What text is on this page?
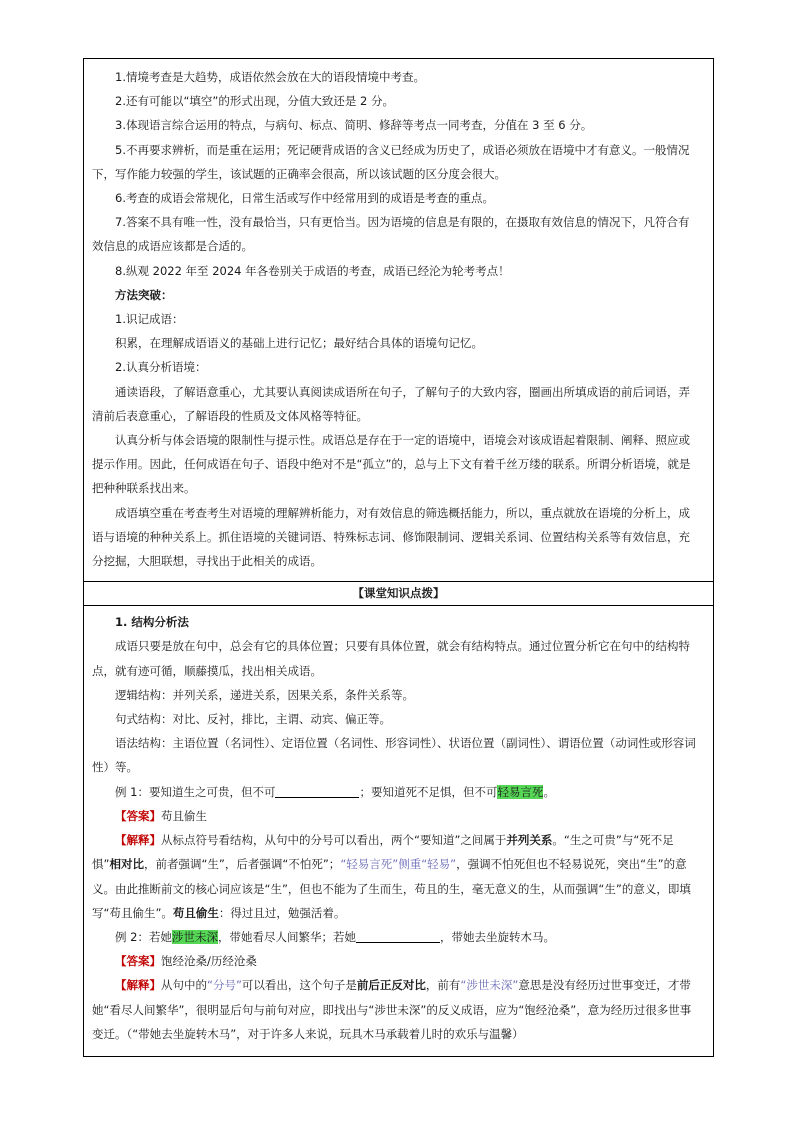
1.情境考查是大趋势，成语依然会放在大的语段情境中考查。

2.还有可能以“填空”的形式出现，分值大致还是 2 分。

3.体现语言综合运用的特点，与病句、标点、简明、修辞等考点一同考查，分值在 3 至 6 分。

5.不再要求辨析，而是重在运用；死记硬背成语的含义已经成为历史了，成语必须放在语境中才有意义。一般情况下，写作能力较强的学生，该试题的正确率会很高，所以该试题的区分度会很大。

6.考查的成语会常规化，日常生活或写作中经常用到的成语是考查的重点。

7.答案不具有唯一性，没有最恰当，只有更恰当。因为语境的信息是有限的，在摄取有效信息的情况下，凡符合有效信息的成语应该都是合适的。

8.纵观 2022 年至 2024 年各卷别关于成语的考查，成语已经沦为轮考考点！

方法突破：

1.识记成语：

积累，在理解成语语义的基础上进行记忆；最好结合具体的语境句记忆。

2.认真分析语境：

通读语段，了解语意重心，尤其要认真阅读成语所在句子，了解句子的大致内容，圈画出所填成语的前后词语，弄清前后表意重心，了解语段的性质及文体风格等特征。

认真分析与体会语境的限制性与提示性。成语总是存在于一定的语境中，语境会对该成语起着限制、阐释、照应或提示作用。因此，任何成语在句子、语段中绝对不是“孤立”的，总与上下文有着千丝万缕的联系。所谓分析语境，就是把种种联系找出来。

成语填空重在考查考生对语境的理解辨析能力，对有效信息的筛选概括能力，所以，重点就放在语境的分析上，成语与语境的种种关系上。抓住语境的关键词语、特殊标志词、修饰限制词、逻辑关系词、位置结构关系等有效信息，充分挖掘，大胆联想，寻找出于此相关的成语。

【课堂知识点拨】

1. 结构分析法

成语只要是放在句中，总会有它的具体位置；只要有具体位置，就会有结构特点。通过位置分析它在句中的结构特点，就有迹可循，顺藤摸瓜，找出相关成语。

逻辑结构：并列关系，递进关系，因果关系，条件关系等。

句式结构：对比、反衬，排比，主谓、动宾、偏正等。

语法结构：主语位置（名词性）、定语位置（名词性、形容词性）、状语位置（副词性）、谓语位置（动词性或形容词性）等。

例 1：要知道生之可贵，但不可	；要知道死不足惧，但不可轻易言死。

【答案】苟且偷生

【解释】从标点符号看结构，从句中的分号可以看出，两个“要知道”之间属于并列关系。“生之可贵”与“死不足惧”相对比，前者强调“生”，后者强调“不怕死”；“轻易言死”侧重“轻易”，强调不怕死但也不轻易说死，突出“生”的意义。由此推断前文的核心词应该是“生”，但也不能为了生而生，苟且的生，毫无意义的生，从而强调“生”的意义，即填写“苟且偷生”。苟且偷生：得过且过，勉强活着。

例 2：若她涉世未深，带她看尽人间繁华；若她	，带她去坐旋转木马。

【答案】饱经沧桑/历经沧桑

【解释】从句中的“分号”可以看出，这个句子是前后正反对比，前有“涉世未深”意思是没有经历过世事变迁，才带她“看尽人间繁华”，很明显后句与前句对应，即找出与“涉世未深”的反义成语，应为“饱经沧桑”，意为经历过很多世事变迁。（“带她去坐旋转木马”，对于许多人来说，玩具木马承载着儿时的欢乐与温馨）
